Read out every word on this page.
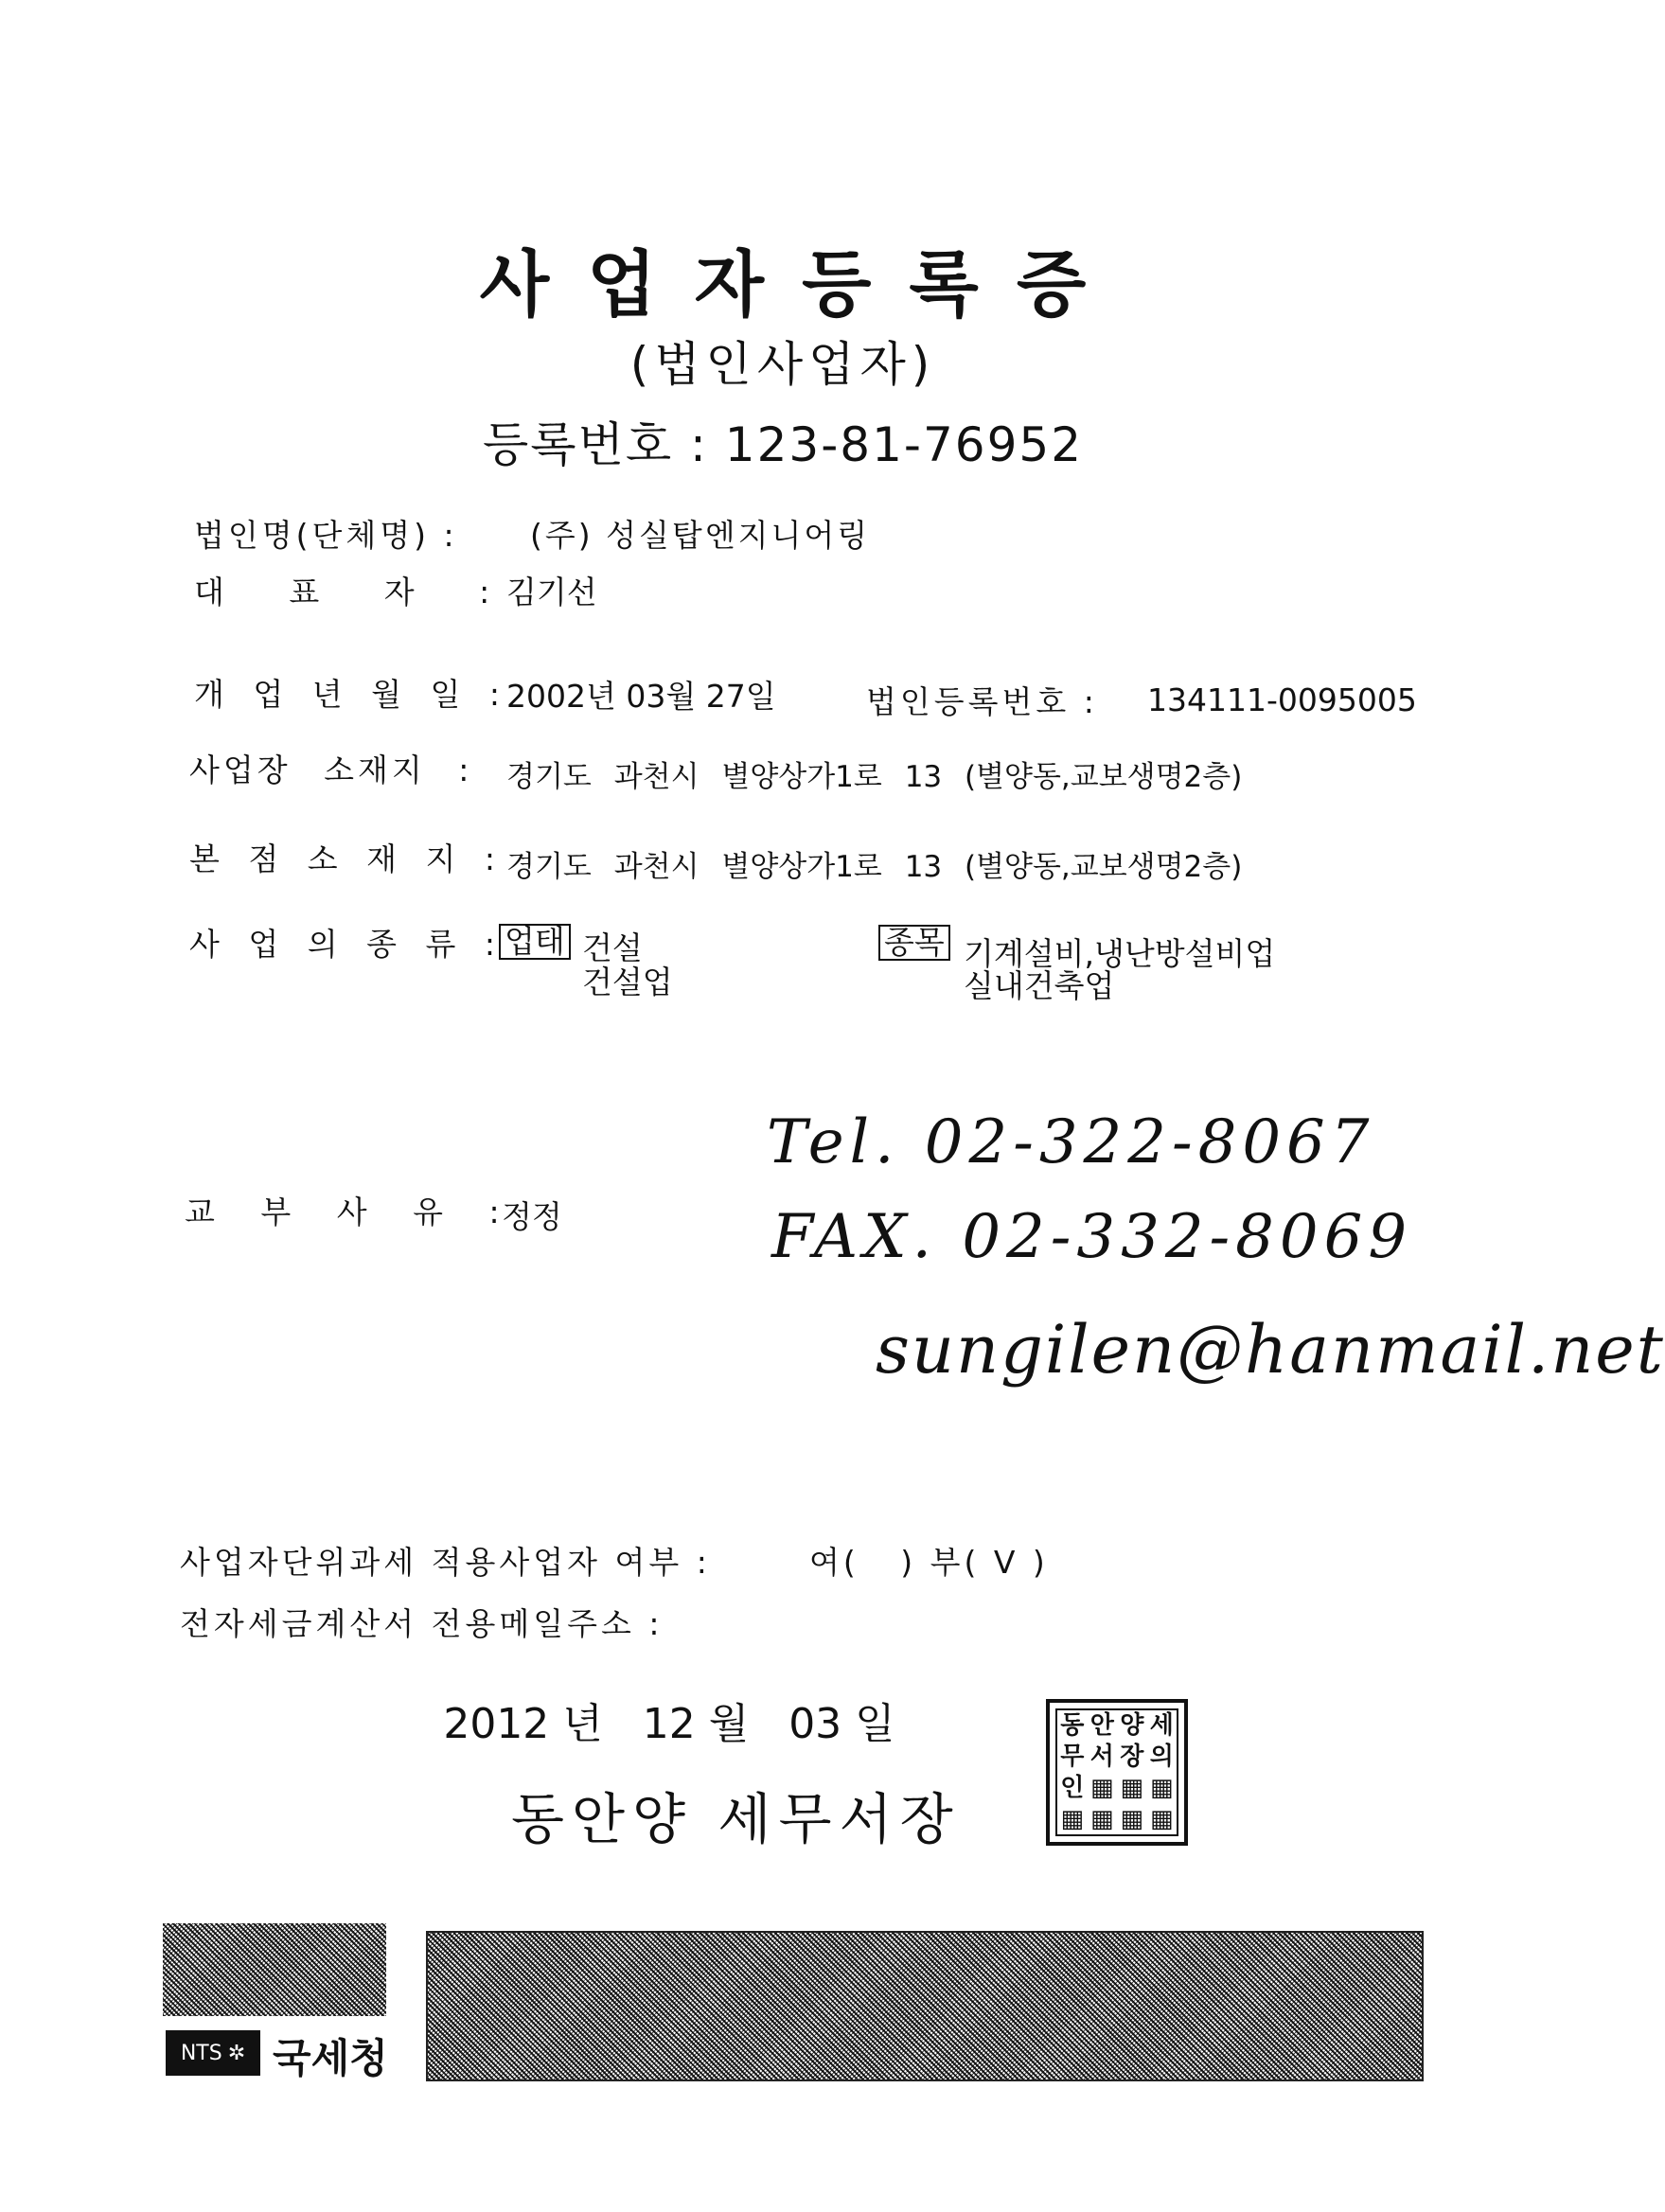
사업자등록증
(법인사업자)
등록번호 : 123-81-76952
법인명(단체명) : (주) 성실탑엔지니어링
대 표 자 : 김기선
개 업 년 월 일 : 2002년 03월 27일	법인등록번호 : 134111-0095005
사업장 소재지 : 경기도 과천시 별양상가1로 13 (별양동,교보생명2층)
본 점 소 재 지 : 경기도 과천시 별양상가1로 13 (별양동,교보생명2층)
사 업 의 종 류 : 업태 건설
건설업
종목 기계설비,냉난방설비업
실내건축업
Tel. 02-322-8067
FAX. 02-332-8069
sungilen@hanmail.net
교 부 사 유 :
정정
사업자단위과세 적용사업자 여부 :	여(   ) 부( V )
전자세금계산서 전용메일주소 :
2012 년   12 월   03 일
동안양 세무서장
동 안 양 세
무 서 장 의
인 ▦ ▦ ▦
▦ ▦ ▦ ▦
NTS ✲ 국세청
